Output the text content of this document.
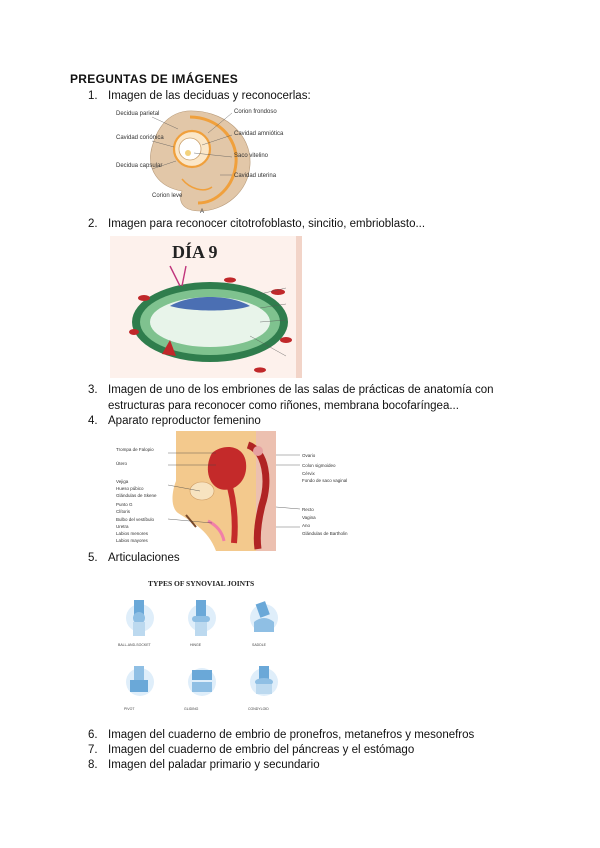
PREGUNTAS DE IMÁGENES
1. Imagen de las deciduas y reconocerlas:
Decidua parietal
Cavidad coriónica
Decidua capsular
Corion frondoso
Cavidad amniótica
Saco vitelino
Cavidad uterina
Corion leve
A
2. Imagen para reconocer citotrofoblasto, sincitio, embrioblasto...
DÍA 9
3. Imagen de uno de los embriones de las salas de prácticas de anatomía con estructuras para reconocer como riñones, membrana bocofaríngea...
4. Aparato reproductor femenino
Trompa de Falopio
Útero
Vejiga
Hueso púbico
Glándulas de Skene
Punto G
Clítoris
Bulbo del vestíbulo
Uretra
Labios menores
Labios mayores
Ovario
Colon sigmoideo
Cérvix
Fondo de saco vaginal
Recto
Vagina
Ano
Glándulas de Bartholin
5. Articulaciones
TYPES OF SYNOVIAL JOINTS
BALL-AND-SOCKET	HINGE	SADDLE
PIVOT	GLIDING	CONDYLOID
6. Imagen del cuaderno de embrio de pronefros, metanefros y mesonefros
7. Imagen del cuaderno de embrio del páncreas y el estómago
8. Imagen del paladar primario y secundario
